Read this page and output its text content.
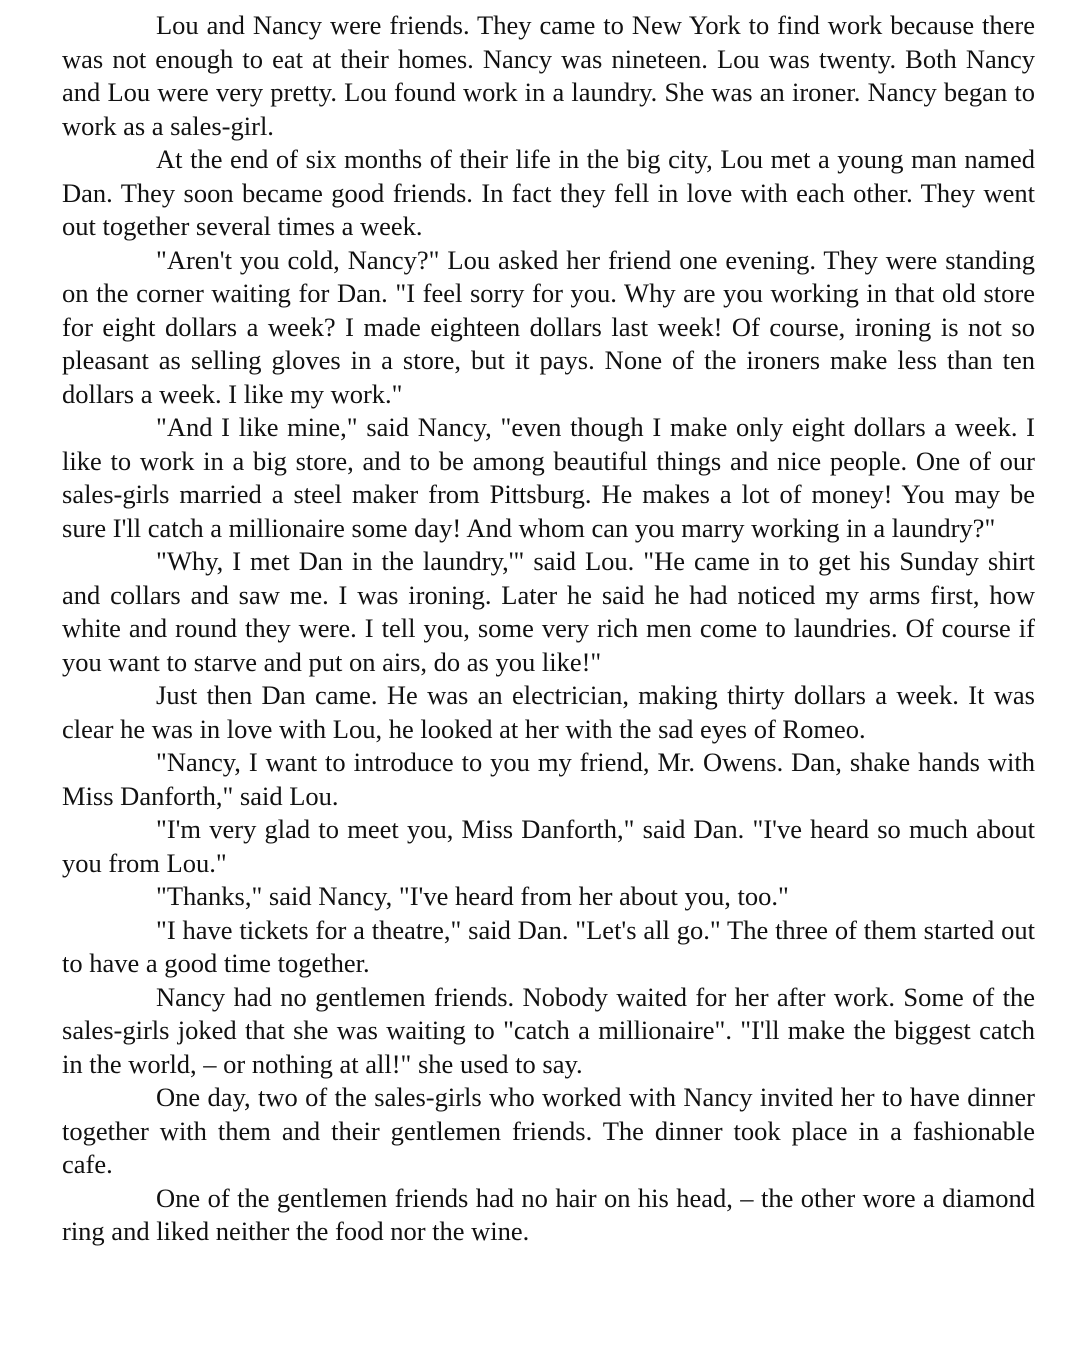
Lou and Nancy were friends. They came to New York to find work because there was not enough to eat at their homes. Nancy was nineteen. Lou was twenty. Both Nancy and Lou were very pretty. Lou found work in a laundry. She was an ironer. Nancy began to work as a sales-girl.

At the end of six months of their life in the big city, Lou met a young man named Dan. They soon became good friends. In fact they fell in love with each other. They went out together several times a week.

"Aren't you cold, Nancy?" Lou asked her friend one evening. They were standing on the corner waiting for Dan. "I feel sorry for you. Why are you working in that old store for eight dollars a week? I made eighteen dollars last week! Of course, ironing is not so pleasant as selling gloves in a store, but it pays. None of the ironers make less than ten dollars a week. I like my work."

"And I like mine," said Nancy, "even though I make only eight dollars a week. I like to work in a big store, and to be among beautiful things and nice people. One of our sales-girls married a steel maker from Pittsburg. He makes a lot of money! You may be sure I'll catch a millionaire some day! And whom can you marry working in a laundry?"

"Why, I met Dan in the laundry,'" said Lou. "He came in to get his Sunday shirt and collars and saw me. I was ironing. Later he said he had noticed my arms first, how white and round they were. I tell you, some very rich men come to laundries. Of course if you want to starve and put on airs, do as you like!"

Just then Dan came. He was an electrician, making thirty dollars a week. It was clear he was in love with Lou, he looked at her with the sad eyes of Romeo.

"Nancy, I want to introduce to you my friend, Mr. Owens. Dan, shake hands with Miss Danforth," said Lou.

"I'm very glad to meet you, Miss Danforth," said Dan. "I've heard so much about you from Lou."

"Thanks," said Nancy, "I've heard from her about you, too."

"I have tickets for a theatre," said Dan. "Let's all go." The three of them started out to have a good time together.

Nancy had no gentlemen friends. Nobody waited for her after work. Some of the sales-girls joked that she was waiting to "catch a millionaire". "I'll make the biggest catch in the world, – or nothing at all!" she used to say.

One day, two of the sales-girls who worked with Nancy invited her to have dinner together with them and their gentlemen friends. The dinner took place in a fashionable cafe.

One of the gentlemen friends had no hair on his head, – the other wore a diamond ring and liked neither the food nor the wine.
